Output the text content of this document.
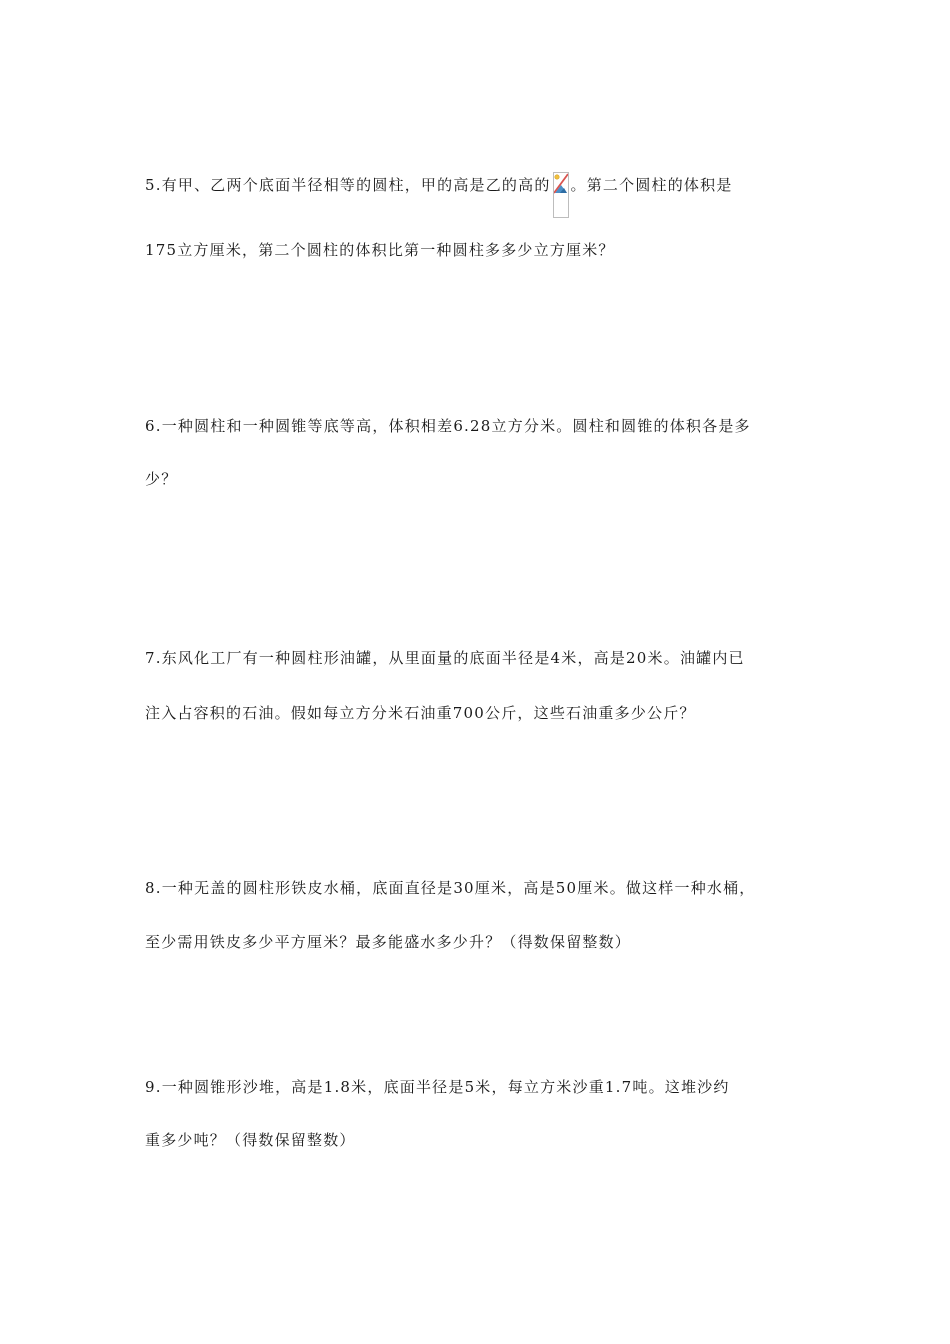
5.有甲、乙两个底面半径相等的圆柱，甲的高是乙的高的 。第二个圆柱的体积是
175立方厘米，第二个圆柱的体积比第一种圆柱多多少立方厘米？
6.一种圆柱和一种圆锥等底等高，体积相差6.28立方分米。圆柱和圆锥的体积各是多
少？
7.东风化工厂有一种圆柱形油罐，从里面量的底面半径是4米，高是20米。油罐内已
注入占容积的石油。假如每立方分米石油重700公斤，这些石油重多少公斤？
8.一种无盖的圆柱形铁皮水桶，底面直径是30厘米，高是50厘米。做这样一种水桶，
至少需用铁皮多少平方厘米？最多能盛水多少升？（得数保留整数）
9.一种圆锥形沙堆，高是1.8米，底面半径是5米，每立方米沙重1.7吨。这堆沙约
重多少吨？（得数保留整数）
